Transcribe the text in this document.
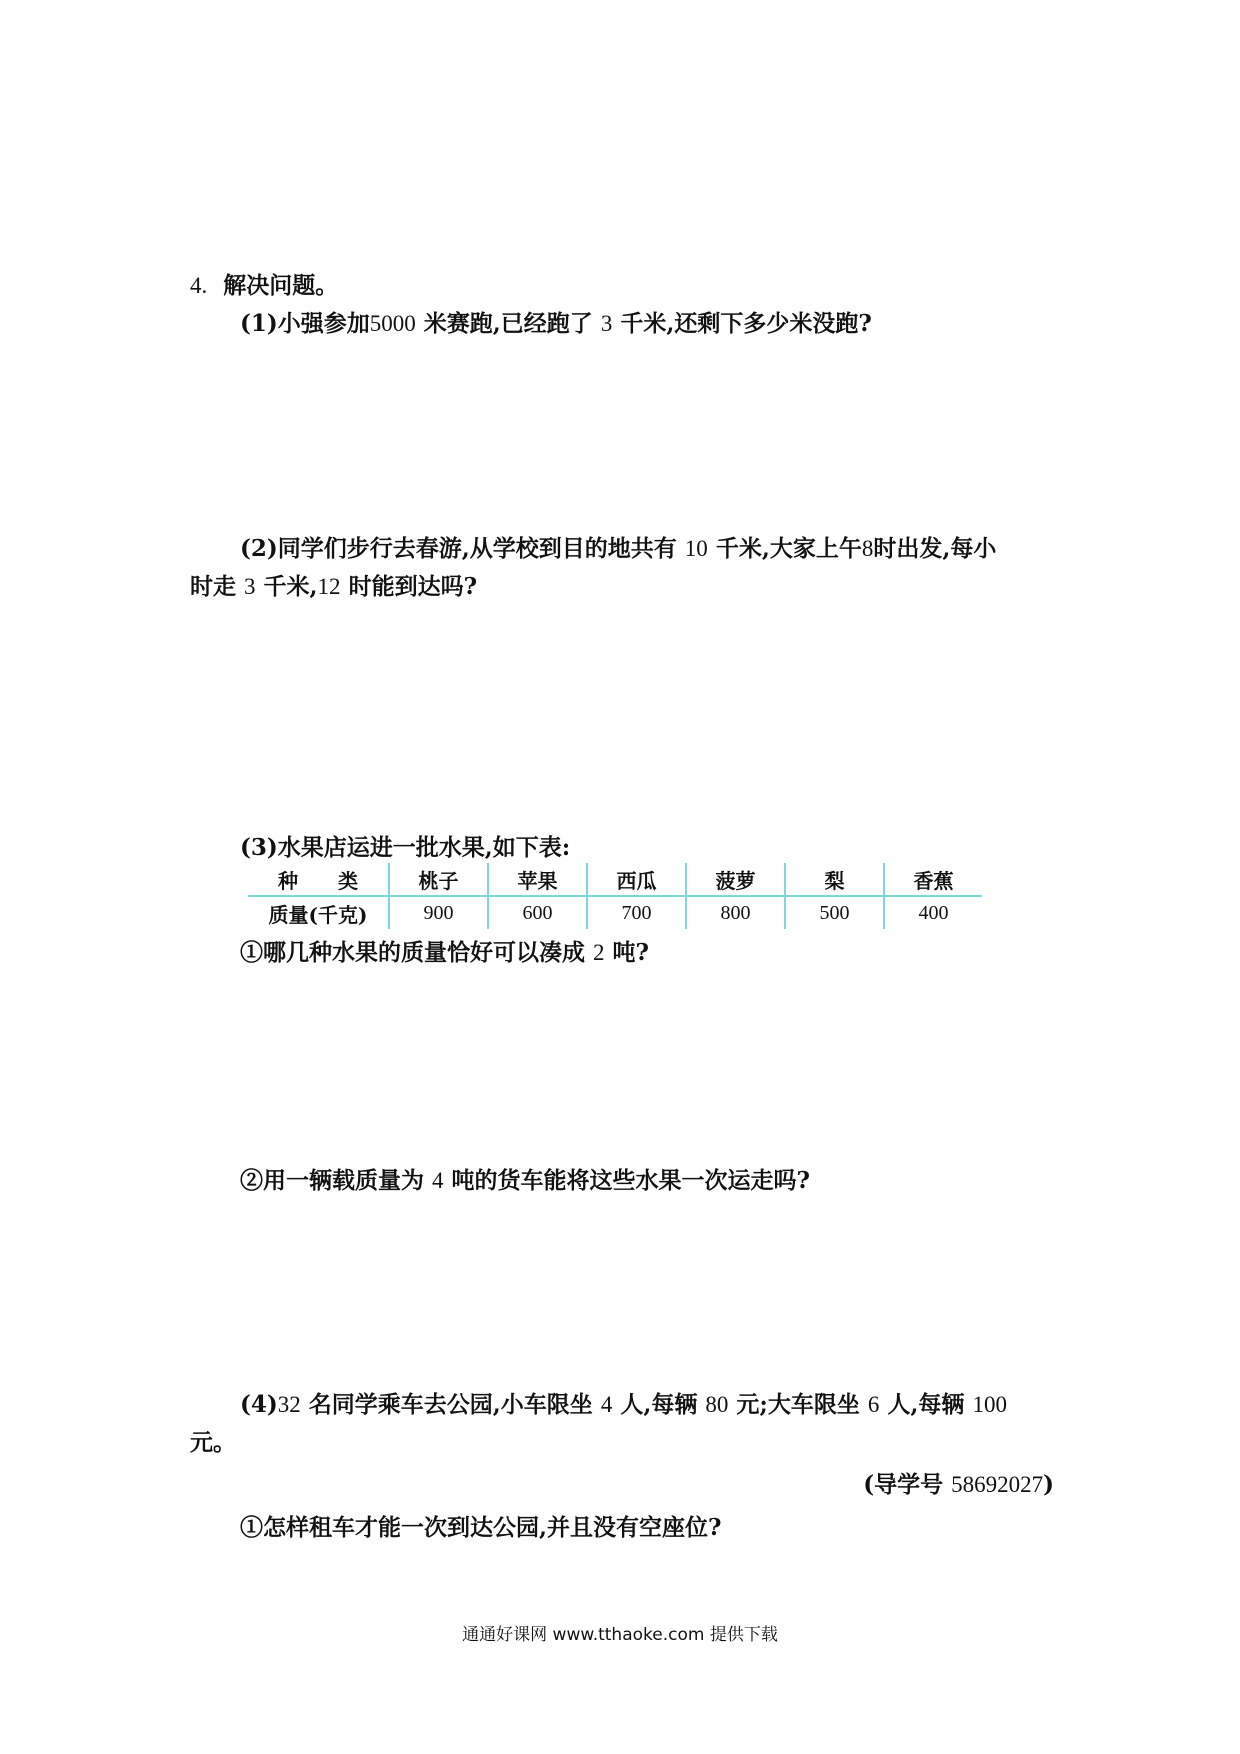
4. 解决问题。
(1)小强参加5000 米赛跑,已经跑了 3 千米,还剩下多少米没跑?
(2)同学们步行去春游,从学校到目的地共有 10 千米,大家上午8时出发,每小
时走 3 千米,12 时能到达吗?
(3)水果店运进一批水果,如下表:
种　　类	桃子	苹果	西瓜	菠萝	梨	香蕉
质量(千克)	900	600	700	800	500	400
①哪几种水果的质量恰好可以凑成 2 吨?
②用一辆载质量为 4 吨的货车能将这些水果一次运走吗?
(4)32 名同学乘车去公园,小车限坐 4 人,每辆 80 元;大车限坐 6 人,每辆 100
元。
(导学号 58692027)
①怎样租车才能一次到达公园,并且没有空座位?
通通好课网 www.tthaoke.com 提供下载
